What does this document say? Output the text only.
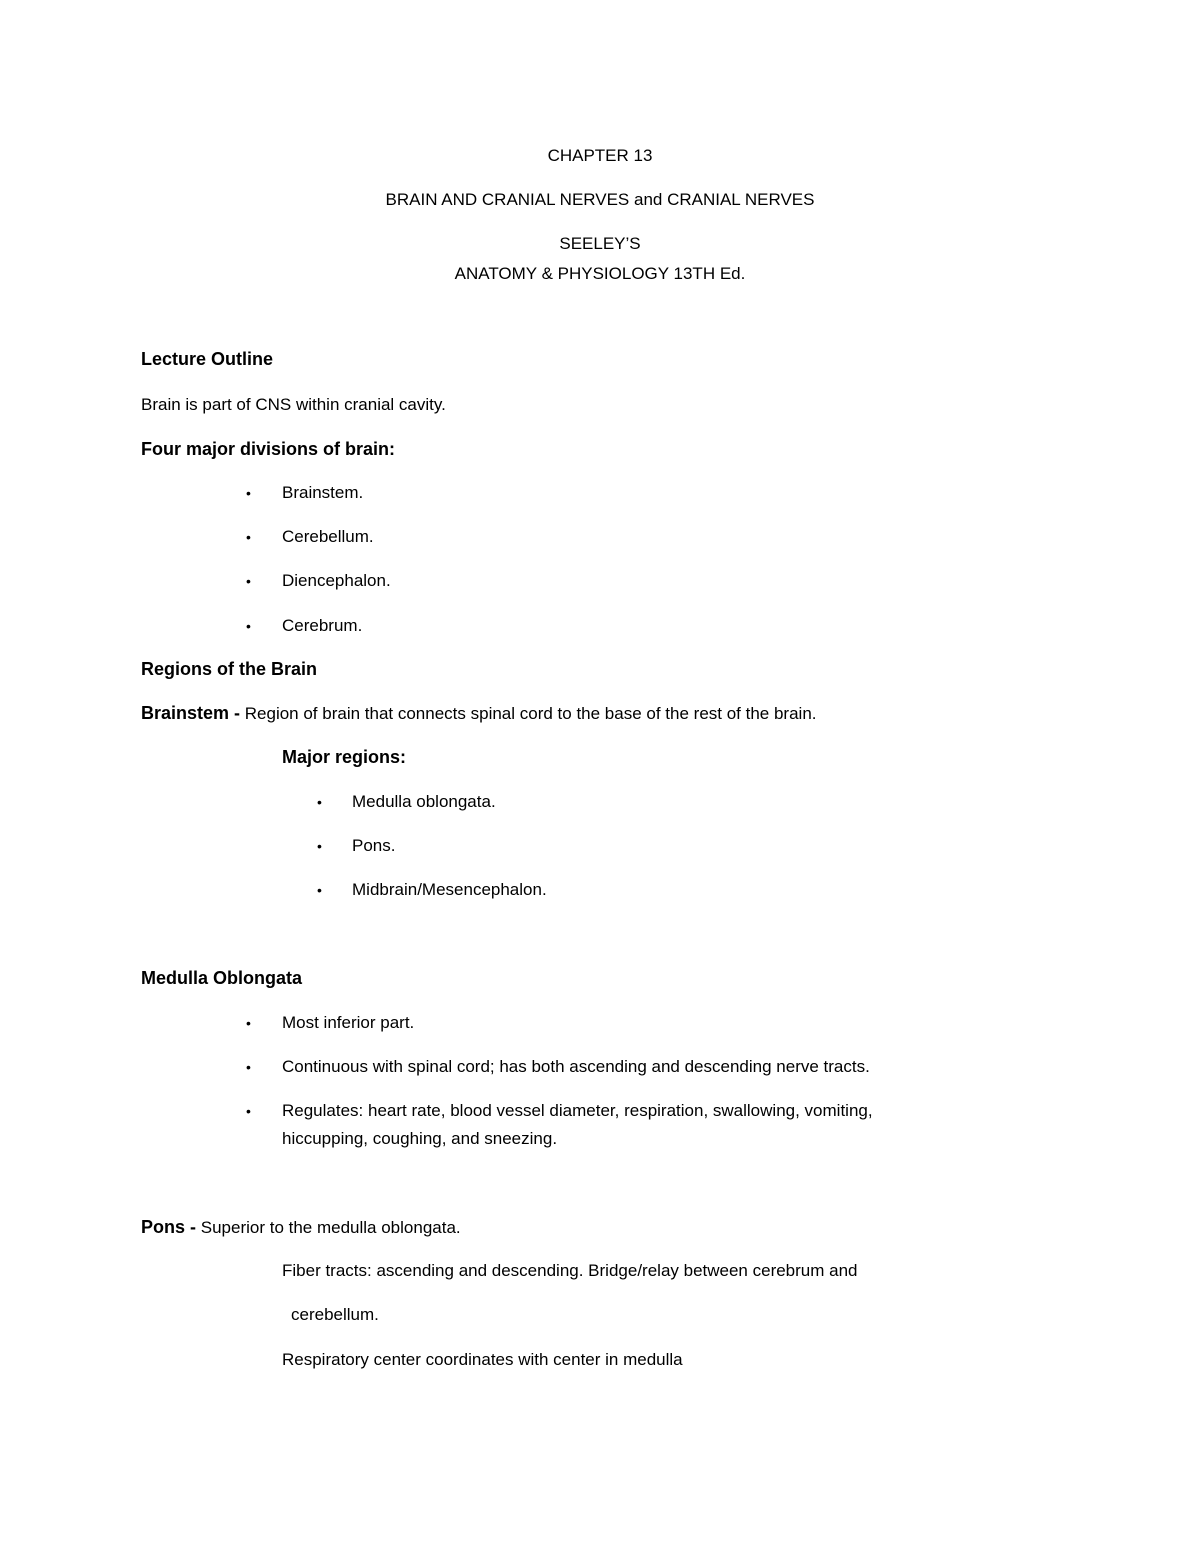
CHAPTER 13
BRAIN AND CRANIAL NERVES and CRANIAL NERVES
SEELEY’S
ANATOMY & PHYSIOLOGY 13TH Ed.
Lecture Outline
Brain is part of CNS within cranial cavity.
Four major divisions of brain:
• Brainstem.
• Cerebellum.
• Diencephalon.
• Cerebrum.
Regions of the Brain
Brainstem - Region of brain that connects spinal cord to the base of the rest of the brain.
Major regions:
• Medulla oblongata.
• Pons.
• Midbrain/Mesencephalon.
Medulla Oblongata
• Most inferior part.
• Continuous with spinal cord; has both ascending and descending nerve tracts.
• Regulates: heart rate, blood vessel diameter, respiration, swallowing, vomiting,
hiccupping, coughing, and sneezing.
Pons - Superior to the medulla oblongata.
Fiber tracts: ascending and descending. Bridge/relay between cerebrum and
cerebellum.
Respiratory center coordinates with center in medulla
